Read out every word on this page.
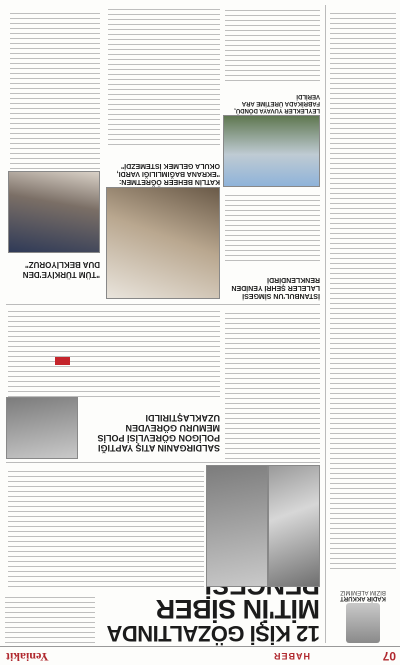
07
HABER
Yeniakit
KADİR AKKURT
BİZİM ALEMİMİZ
12 KİŞİ GÖZALTINDA
MİT'İN SİBER
SALDIRGANIN ATIŞ YAPTIĞI POLİGON GÖREVLİSİ POLİS MEMURU GÖREVDEN UZAKLAŞTIRILDI

"TÜM TÜRKİYE'DEN DUA BEKLİYORUZ"
KATLİN BEHEER ÖĞRETMEN: "EKRANA BAĞIMLILIĞI VARDI, OKULA GELMEK İSTEMEZDİ"
İSTANBUL'UN SİMGESİ LALELER ŞEHRİ YENİDEN RENKLENDİRDİ
LEYLEKLER YUVAYA DÖNDÜ, FABRİKADA ÜRETİME ARA VERİLDİ
